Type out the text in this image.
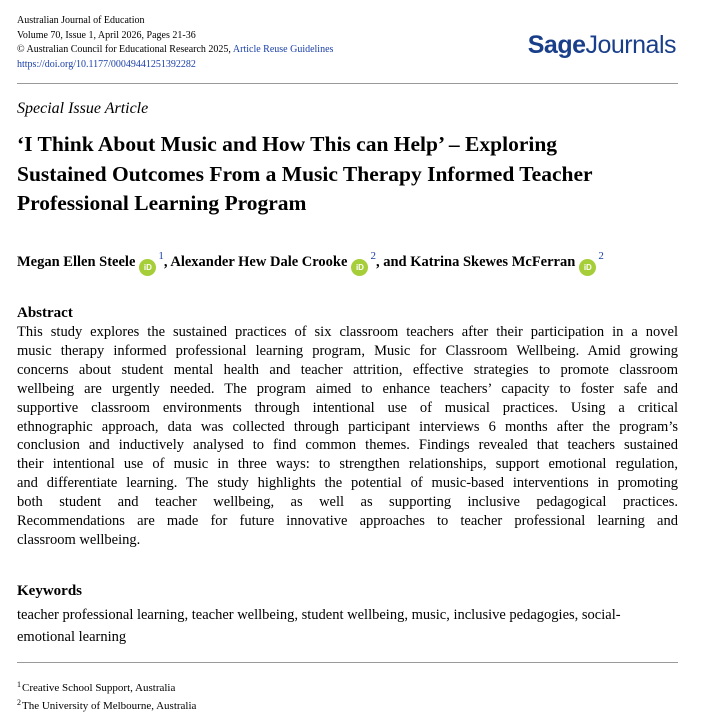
Australian Journal of Education
Volume 70, Issue 1, April 2026, Pages 21-36
© Australian Council for Educational Research 2025, Article Reuse Guidelines
https://doi.org/10.1177/00049441251392282
SageJournals
Special Issue Article
‘I Think About Music and How This can Help’ – Exploring
Sustained Outcomes From a Music Therapy Informed Teacher
Professional Learning Program
Megan Ellen Steele $iD^1$, Alexander Hew Dale Crooke $iD^2$, and Katrina Skewes McFerran $iD^2$
Abstract
This study explores the sustained practices of six classroom teachers after their participation in a novel
music therapy informed professional learning program, Music for Classroom Wellbeing. Amid growing
concerns about student mental health and teacher attrition, effective strategies to promote classroom
wellbeing are urgently needed. The program aimed to enhance teachers’ capacity to foster safe and
supportive classroom environments through intentional use of musical practices. Using a critical
ethnographic approach, data was collected through participant interviews 6 months after the program’s
conclusion and inductively analysed to find common themes. Findings revealed that teachers sustained
their intentional use of music in three ways: to strengthen relationships, support emotional regulation,
and differentiate learning. The study highlights the potential of music-based interventions in promoting
both student and teacher wellbeing, as well as supporting inclusive pedagogical practices.
Recommendations are made for future innovative approaches to teacher professional learning and
classroom wellbeing.
Keywords
teacher professional learning, teacher wellbeing, student wellbeing, music, inclusive pedagogies, social-emotional learning
$^1$Creative School Support, Australia
$^2$The University of Melbourne, Australia
